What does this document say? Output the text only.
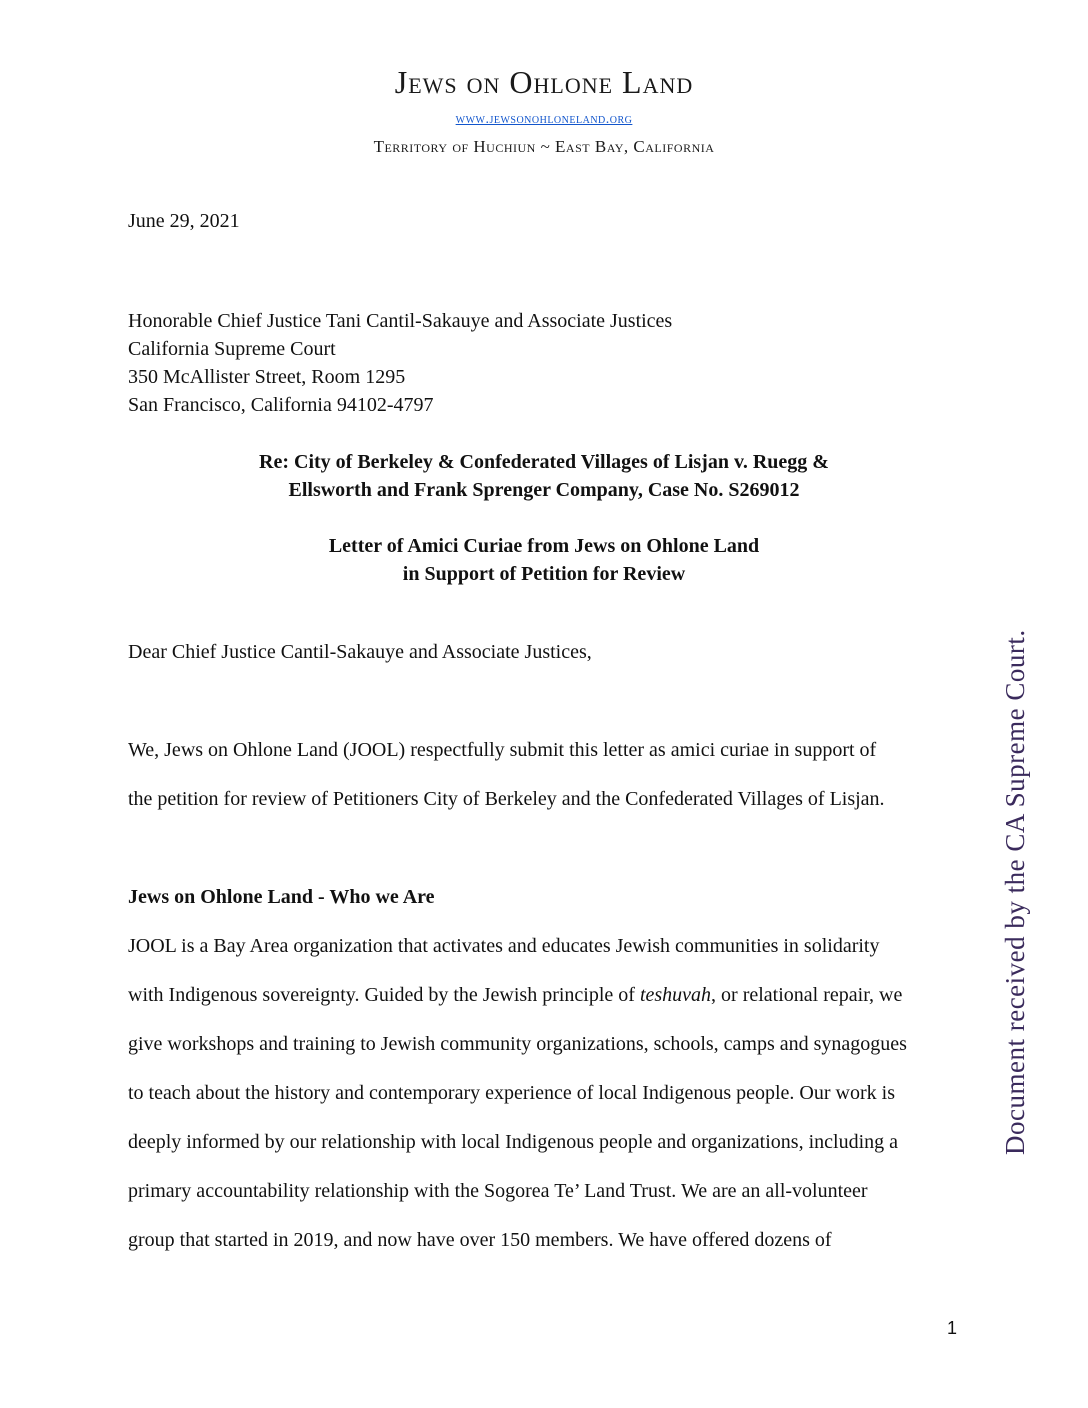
Jews on Ohlone Land
www.jewsonohloneland.org
Territory of Huchiun ~ East Bay, California
June 29, 2021
Honorable Chief Justice Tani Cantil-Sakauye and Associate Justices
California Supreme Court
350 McAllister Street, Room 1295
San Francisco, California 94102-4797
Re: City of Berkeley & Confederated Villages of Lisjan v. Ruegg &
Ellsworth and Frank Sprenger Company, Case No. S269012
Letter of Amici Curiae from Jews on Ohlone Land
in Support of Petition for Review
Dear Chief Justice Cantil-Sakauye and Associate Justices,
We, Jews on Ohlone Land (JOOL) respectfully submit this letter as amici curiae in support of
the petition for review of Petitioners City of Berkeley and the Confederated Villages of Lisjan.
Jews on Ohlone Land - Who we Are
JOOL is a Bay Area organization that activates and educates Jewish communities in solidarity
with Indigenous sovereignty. Guided by the Jewish principle of teshuvah, or relational repair, we
give workshops and training to Jewish community organizations, schools, camps and synagogues
to teach about the history and contemporary experience of local Indigenous people. Our work is
deeply informed by our relationship with local Indigenous people and organizations, including a
primary accountability relationship with the Sogorea Te’ Land Trust. We are an all-volunteer
group that started in 2019, and now have over 150 members. We have offered dozens of
Document received by the CA Supreme Court.
1
